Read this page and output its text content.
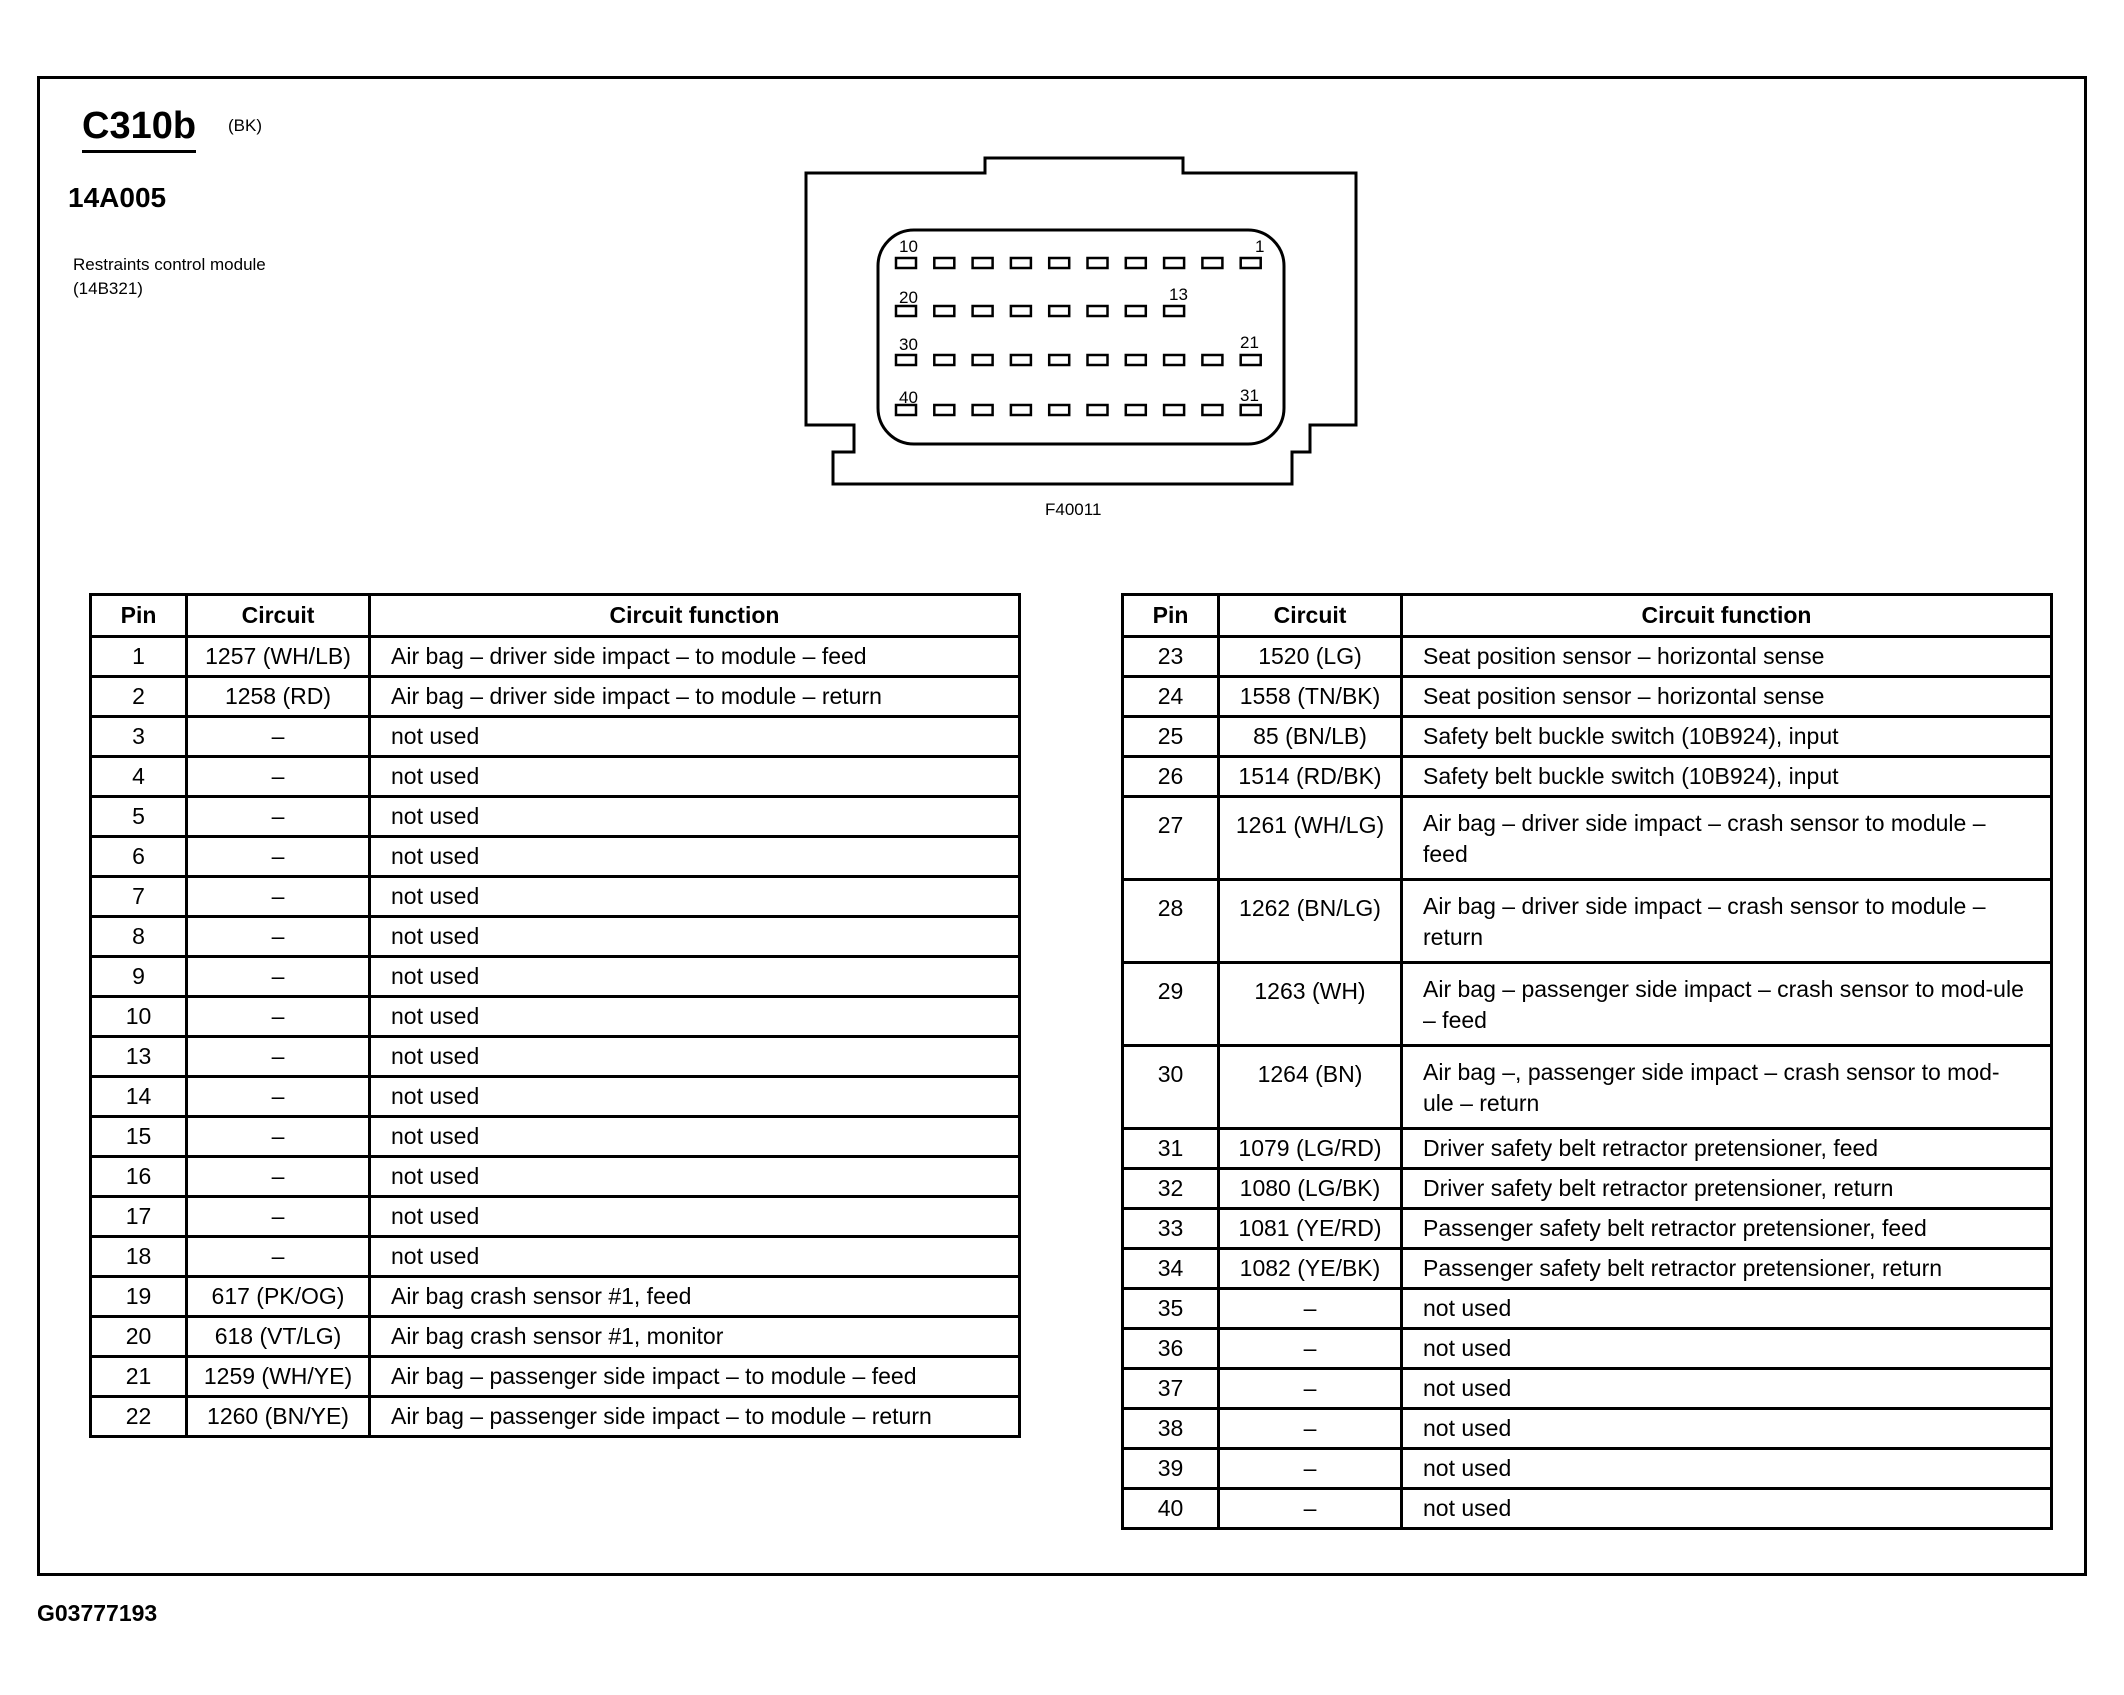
C310b (BK)
14A005
Restraints control module (14B321)
10	1
20	13
30	21
40	31
F40011
Pin	Circuit	Circuit function
1	1257 (WH/LB)	Air bag – driver side impact – to module – feed
2	1258 (RD)	Air bag – driver side impact – to module – return
3	–	not used
4	–	not used
5	–	not used
6	–	not used
7	–	not used
8	–	not used
9	–	not used
10	–	not used
13	–	not used
14	–	not used
15	–	not used
16	–	not used
17	–	not used
18	–	not used
19	617 (PK/OG)	Air bag crash sensor #1, feed
20	618 (VT/LG)	Air bag crash sensor #1, monitor
21	1259 (WH/YE)	Air bag – passenger side impact – to module – feed
22	1260 (BN/YE)	Air bag – passenger side impact – to module – return
Pin	Circuit	Circuit function
23	1520 (LG)	Seat position sensor – horizontal sense
24	1558 (TN/BK)	Seat position sensor – horizontal sense
25	85 (BN/LB)	Safety belt buckle switch (10B924), input
26	1514 (RD/BK)	Safety belt buckle switch (10B924), input
27	1261 (WH/LG)	Air bag – driver side impact – crash sensor to module – feed
28	1262 (BN/LG)	Air bag – driver side impact – crash sensor to module – return
29	1263 (WH)	Air bag – passenger side impact – crash sensor to mod-ule – feed
30	1264 (BN)	Air bag –, passenger side impact – crash sensor to mod-ule – return
31	1079 (LG/RD)	Driver safety belt retractor pretensioner, feed
32	1080 (LG/BK)	Driver safety belt retractor pretensioner, return
33	1081 (YE/RD)	Passenger safety belt retractor pretensioner, feed
34	1082 (YE/BK)	Passenger safety belt retractor pretensioner, return
35	–	not used
36	–	not used
37	–	not used
38	–	not used
39	–	not used
40	–	not used
G03777193
